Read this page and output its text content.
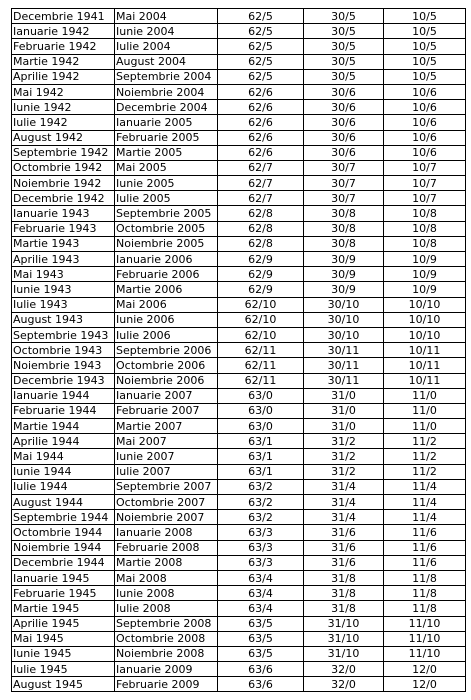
Decembrie 1941	Mai 2004	62/5	30/5	10/5
Ianuarie 1942	Iunie 2004	62/5	30/5	10/5
Februarie 1942	Iulie 2004	62/5	30/5	10/5
Martie 1942	August 2004	62/5	30/5	10/5
Aprilie 1942	Septembrie 2004	62/5	30/5	10/5
Mai 1942	Noiembrie 2004	62/6	30/6	10/6
Iunie 1942	Decembrie 2004	62/6	30/6	10/6
Iulie 1942	Ianuarie 2005	62/6	30/6	10/6
August 1942	Februarie 2005	62/6	30/6	10/6
Septembrie 1942	Martie 2005	62/6	30/6	10/6
Octombrie 1942	Mai 2005	62/7	30/7	10/7
Noiembrie 1942	Iunie 2005	62/7	30/7	10/7
Decembrie 1942	Iulie 2005	62/7	30/7	10/7
Ianuarie 1943	Septembrie 2005	62/8	30/8	10/8
Februarie 1943	Octombrie 2005	62/8	30/8	10/8
Martie 1943	Noiembrie 2005	62/8	30/8	10/8
Aprilie 1943	Ianuarie 2006	62/9	30/9	10/9
Mai 1943	Februarie 2006	62/9	30/9	10/9
Iunie 1943	Martie 2006	62/9	30/9	10/9
Iulie 1943	Mai 2006	62/10	30/10	10/10
August 1943	Iunie 2006	62/10	30/10	10/10
Septembrie 1943	Iulie 2006	62/10	30/10	10/10
Octombrie 1943	Septembrie 2006	62/11	30/11	10/11
Noiembrie 1943	Octombrie 2006	62/11	30/11	10/11
Decembrie 1943	Noiembrie 2006	62/11	30/11	10/11
Ianuarie 1944	Ianuarie 2007	63/0	31/0	11/0
Februarie 1944	Februarie 2007	63/0	31/0	11/0
Martie 1944	Martie 2007	63/0	31/0	11/0
Aprilie 1944	Mai 2007	63/1	31/2	11/2
Mai 1944	Iunie 2007	63/1	31/2	11/2
Iunie 1944	Iulie 2007	63/1	31/2	11/2
Iulie 1944	Septembrie 2007	63/2	31/4	11/4
August 1944	Octombrie 2007	63/2	31/4	11/4
Septembrie 1944	Noiembrie 2007	63/2	31/4	11/4
Octombrie 1944	Ianuarie 2008	63/3	31/6	11/6
Noiembrie 1944	Februarie 2008	63/3	31/6	11/6
Decembrie 1944	Martie 2008	63/3	31/6	11/6
Ianuarie 1945	Mai 2008	63/4	31/8	11/8
Februarie 1945	Iunie 2008	63/4	31/8	11/8
Martie 1945	Iulie 2008	63/4	31/8	11/8
Aprilie 1945	Septembrie 2008	63/5	31/10	11/10
Mai 1945	Octombrie 2008	63/5	31/10	11/10
Iunie 1945	Noiembrie 2008	63/5	31/10	11/10
Iulie 1945	Ianuarie 2009	63/6	32/0	12/0
August 1945	Februarie 2009	63/6	32/0	12/0
